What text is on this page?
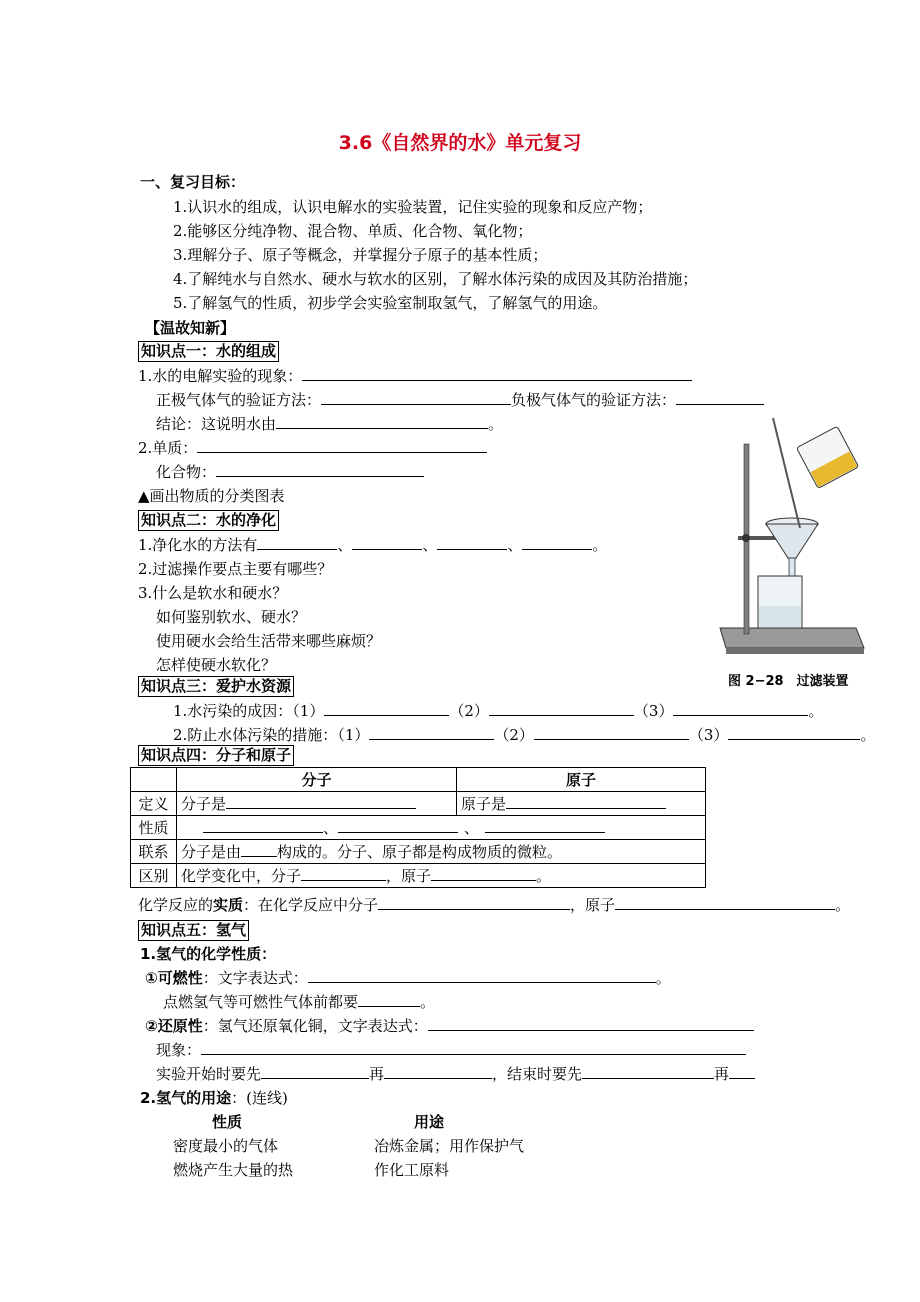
3.6《自然界的水》单元复习
一、复习目标：
1.认识水的组成，认识电解水的实验装置，记住实验的现象和反应产物；
2.能够区分纯净物、混合物、单质、化合物、氧化物；
3.理解分子、原子等概念，并掌握分子原子的基本性质；
4.了解纯水与自然水、硬水与软水的区别，了解水体污染的成因及其防治措施；
5.了解氢气的性质，初步学会实验室制取氢气，了解氢气的用途。
【温故知新】
知识点一：水的组成
1.水的电解实验的现象：
正极气体气的验证方法：	负极气体气的验证方法：
结论：这说明水由	。
2.单质：
化合物：
▲画出物质的分类图表
知识点二：水的净化
1.净化水的方法有	、	、	、	。
2.过滤操作要点主要有哪些？
3.什么是软水和硬水？
如何鉴别软水、硬水？
使用硬水会给生活带来哪些麻烦？
怎样使硬水软化？
图 2−28　过滤装置
知识点三：爱护水资源
1.水污染的成因：（1）	（2）	（3）	。
2.防止水体污染的措施：（1）	（2）	（3）	。
知识点四：分子和原子
	分子	原子
定义	分子是	原子是
性质	、 、	
联系	分子是由 构成的。分子、原子都是构成物质的微粒。	
区别	化学变化中，分子 ，原子 。	
化学反应的实质：在化学反应中分子	，原子	。
知识点五：氢气
1.氢气的化学性质：
①可燃性：文字表达式：	。
点燃氢气等可燃性气体前都要	。
②还原性：氢气还原氧化铜，文字表达式：
现象：
实验开始时要先	再	，结束时要先	再
2.氢气的用途：(连线)
性质	用途
密度最小的气体	冶炼金属；用作保护气
燃烧产生大量的热	作化工原料
